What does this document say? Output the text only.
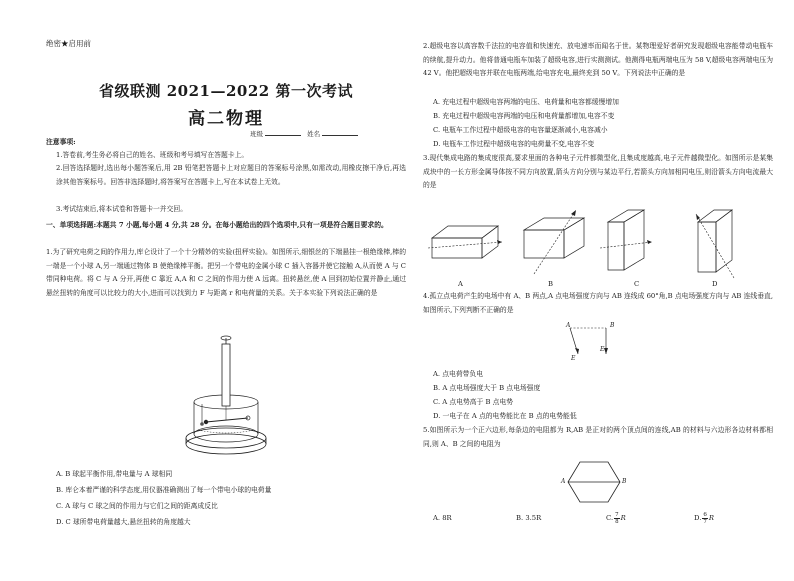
绝密★启用前
省级联测 2021—2022 第一次考试
高二物理
班级	姓名
注意事项:
1.答卷前,考生务必将自己的姓名、班级和考号填写在答题卡上。
2.回答选择题时,选出每小题答案后,用 2B 铅笔把答题卡上对应题目的答案标号涂黑,如需改动,用橡皮擦干净后,再选涂其他答案标号。回答非选择题时,将答案写在答题卡上,写在本试卷上无效。
3.考试结束后,将本试卷和答题卡一并交回。
一、单项选择题:本题共 7 小题,每小题 4 分,共 28 分。在每小题给出的四个选项中,只有一项是符合题目要求的。
1.为了研究电荷之间的作用力,库仑设计了一个十分精妙的实验(扭秤实验)。如图所示,细银丝的下端悬挂一根绝缘棒,棒的一端是一个小球 A,另一端通过物体 B 使绝缘棒平衡。把另一个带电的金属小球 C 插入容器并使它接触 A,从而使 A 与 C 带同种电荷。将 C 与 A 分开,再使 C 靠近 A,A 和 C 之间的作用力使 A 远离。扭转悬丝,使 A 回到初始位置并静止,通过悬丝扭转的角度可以比较力的大小,进而可以找到力 F 与距离 r 和电荷量的关系。关于本实验下列说法正确的是
A. B 球起平衡作用,带电量与 A 球相同
B. 库仑本着严谨的科学态度,用仪器准确测出了每一个带电小球的电荷量
C. A 球与 C 球之间的作用力与它们之间的距离成反比
D. C 球所带电荷量越大,悬丝扭转的角度越大
2.超级电容以高容数千法拉的电容值和快速充、放电速率而闻名于世。某物理爱好者研究发现超级电容能带动电瓶车的续航,提升动力。他将普通电瓶车加装了超级电容,进行实测测试。他测得电瓶两端电压为 58 V,超级电容两端电压为 42 V。他把超级电容并联在电瓶两端,给电容充电,最终充到 50 V。下列说法中正确的是
A. 充电过程中超级电容两端的电压、电荷量和电容都缓慢增加
B. 充电过程中超级电容两端的电压和电荷量都增加,电容不变
C. 电瓶车工作过程中超级电容的电容量逐渐减小,电容减小
D. 电瓶车工作过程中超级电容的电荷量不变,电容不变
3.现代集成电路的集成度很高,要求里面的各种电子元件都微型化,且集成度越高,电子元件越微型化。如图所示是某集成块中的一长方形金属导体按不同方向放置,箭头方向分别与某边平行,若箭头方向加相同电压,则沿箭头方向电流最大的是
A	B	C	D
4.孤立点电荷产生的电场中有 A、B 两点,A 点电场强度方向与 AB 连线成 60°角,B 点电场强度方向与 AB 连线垂直,如图所示,下列判断不正确的是
A	B
E
E
A. 点电荷带负电
B. A 点电场强度大于 B 点电场强度
C. A 点电势高于 B 点电势
D. 一电子在 A 点的电势能比在 B 点的电势能低
5.如图所示为一个正六边形,每条边的电阻都为 R,AB 是正对的两个顶点间的连线,AB 的材料与六边形各边材料都相同,则 A、B 之间的电阻为
A	B
A. 8R	B. 3.5R	C. $\frac{7}{8}$ R	D. $\frac{6}{7}$ R
